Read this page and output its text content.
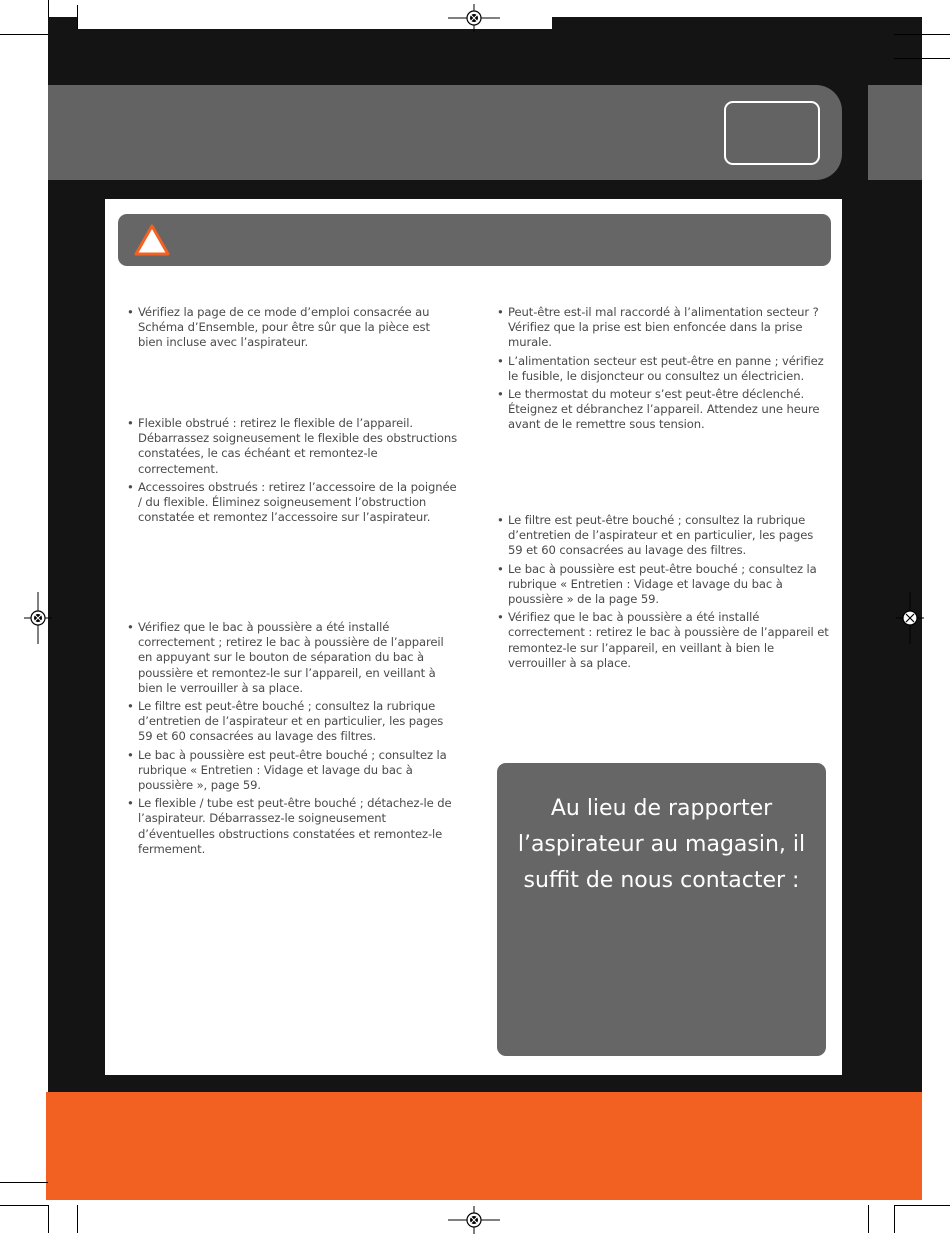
• Vérifiez la page de ce mode d’emploi consacrée au Schéma d’Ensemble, pour être sûr que la pièce est bien incluse avec l’aspirateur.
• Flexible obstrué : retirez le flexible de l’appareil. Débarrassez soigneusement le flexible des obstructions constatées, le cas échéant et remontez-le correctement.
• Accessoires obstrués : retirez l’accessoire de la poignée / du flexible. Éliminez soigneusement l’obstruction constatée et remontez l’accessoire sur l’aspirateur.
• Vérifiez que le bac à poussière a été installé correctement ; retirez le bac à poussière de l’appareil en appuyant sur le bouton de séparation du bac à poussière et remontez-le sur l’appareil, en veillant à bien le verrouiller à sa place.
• Le filtre est peut-être bouché ; consultez la rubrique d’entretien de l’aspirateur et en particulier, les pages 59 et 60 consacrées au lavage des filtres.
• Le bac à poussière est peut-être bouché ; consultez la rubrique « Entretien : Vidage et lavage du bac à poussière », page 59.
• Le flexible / tube est peut-être bouché ; détachez-le de l’aspirateur. Débarrassez-le soigneusement d’éventuelles obstructions constatées et remontez-le fermement.
• Peut-être est-il mal raccordé à l’alimentation secteur ? Vérifiez que la prise est bien enfoncée dans la prise murale.
• L’alimentation secteur est peut-être en panne ; vérifiez le fusible, le disjoncteur ou consultez un électricien.
• Le thermostat du moteur s’est peut-être déclenché. Éteignez et débranchez l’appareil. Attendez une heure avant de le remettre sous tension.
• Le filtre est peut-être bouché ; consultez la rubrique d’entretien de l’aspirateur et en particulier, les pages 59 et 60 consacrées au lavage des filtres.
• Le bac à poussière est peut-être bouché ; consultez la rubrique « Entretien : Vidage et lavage du bac à poussière » de la page 59.
• Vérifiez que le bac à poussière a été installé correctement : retirez le bac à poussière de l’appareil et remontez-le sur l’appareil, en veillant à bien le verrouiller à sa place.
Au lieu de rapporter l’aspirateur au magasin, il suffit de nous contacter :
